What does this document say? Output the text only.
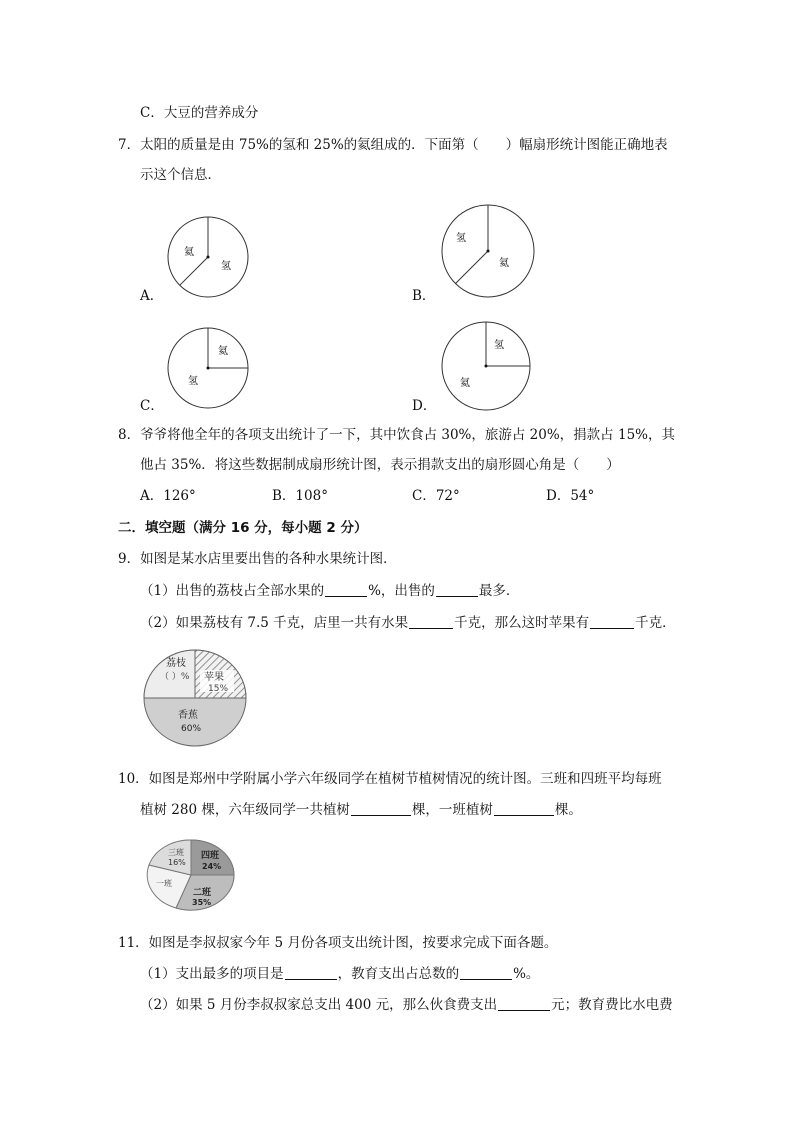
C．大豆的营养成分
7．太阳的质量是由 75%的氢和 25%的氦组成的．下面第（　　）幅扇形统计图能正确地表
示这个信息．
A．
氦
氢
B．
氢
氦
C．
氦
氢
D．
氢
氦
8．爷爷将他全年的各项支出统计了一下，其中饮食占 30%，旅游占 20%，捐款占 15%，其
他占 35%．将这些数据制成扇形统计图，表示捐款支出的扇形圆心角是（　　）
A．126°	B．108°	C．72°	D．54°
二．填空题（满分 16 分，每小题 2 分）
9．如图是某水店里要出售的各种水果统计图．
（1）出售的荔枝占全部水果的	%，出售的	最多．
（2）如果荔枝有 7.5 千克，店里一共有水果	千克，那么这时苹果有	千克．
荔枝
（ ）% 苹果
15%
香蕉
60%
10．如图是郑州中学附属小学六年级同学在植树节植树情况的统计图。三班和四班平均每班
植树 280 棵，六年级同学一共植树	棵，一班植树	棵。
三班
16%
四班
24%
一班
二班
35%
11．如图是李叔叔家今年 5 月份各项支出统计图，按要求完成下面各题。
（1）支出最多的项目是	，教育支出占总数的	%。
（2）如果 5 月份李叔叔家总支出 400 元，那么伙食费支出	元；教育费比水电费
